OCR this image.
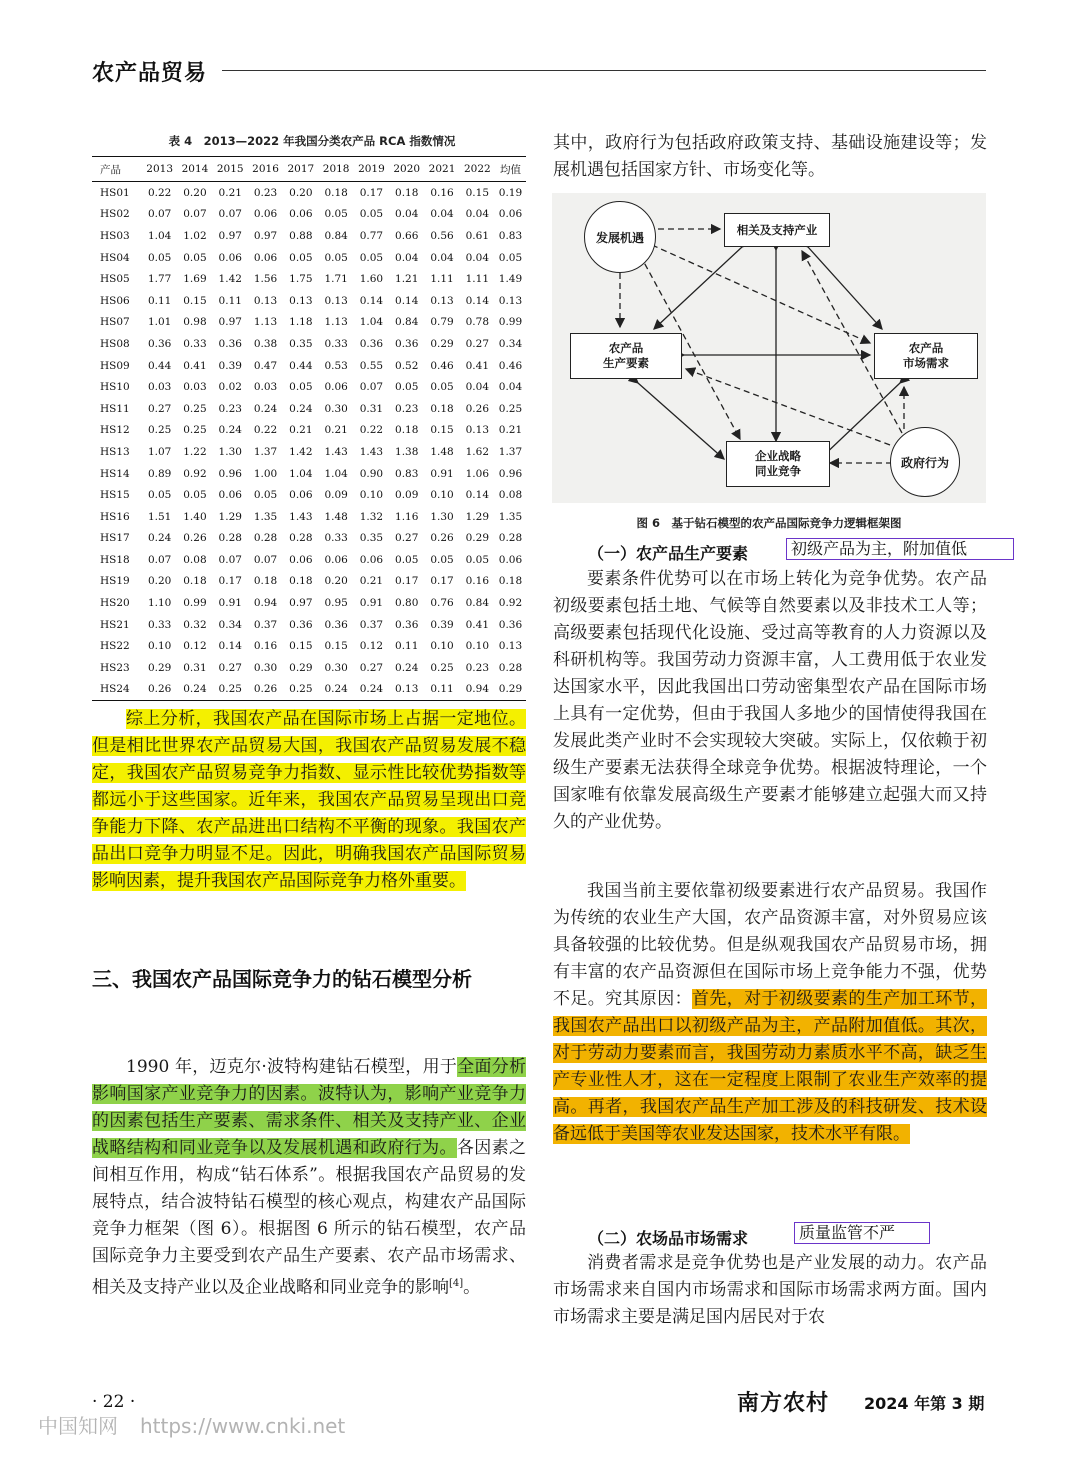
农产品贸易
表 4　2013—2022 年我国分类农产品 RCA 指数情况
产品	2013	2014	2015	2016	2017	2018	2019	2020	2021	2022	均值
HS01	0.22	0.20	0.21	0.23	0.20	0.18	0.17	0.18	0.16	0.15	0.19
HS02	0.07	0.07	0.07	0.06	0.06	0.05	0.05	0.04	0.04	0.04	0.06
HS03	1.04	1.02	0.97	0.97	0.88	0.84	0.77	0.66	0.56	0.61	0.83
HS04	0.05	0.05	0.06	0.06	0.05	0.05	0.05	0.04	0.04	0.04	0.05
HS05	1.77	1.69	1.42	1.56	1.75	1.71	1.60	1.21	1.11	1.11	1.49
HS06	0.11	0.15	0.11	0.13	0.13	0.13	0.14	0.14	0.13	0.14	0.13
HS07	1.01	0.98	0.97	1.13	1.18	1.13	1.04	0.84	0.79	0.78	0.99
HS08	0.36	0.33	0.36	0.38	0.35	0.33	0.36	0.36	0.29	0.27	0.34
HS09	0.44	0.41	0.39	0.47	0.44	0.53	0.55	0.52	0.46	0.41	0.46
HS10	0.03	0.03	0.02	0.03	0.05	0.06	0.07	0.05	0.05	0.04	0.04
HS11	0.27	0.25	0.23	0.24	0.24	0.30	0.31	0.23	0.18	0.26	0.25
HS12	0.25	0.25	0.24	0.22	0.21	0.21	0.22	0.18	0.15	0.13	0.21
HS13	1.07	1.22	1.30	1.37	1.42	1.43	1.43	1.38	1.48	1.62	1.37
HS14	0.89	0.92	0.96	1.00	1.04	1.04	0.90	0.83	0.91	1.06	0.96
HS15	0.05	0.05	0.06	0.05	0.06	0.09	0.10	0.09	0.10	0.14	0.08
HS16	1.51	1.40	1.29	1.35	1.43	1.48	1.32	1.16	1.30	1.29	1.35
HS17	0.24	0.26	0.28	0.28	0.28	0.33	0.35	0.27	0.26	0.29	0.28
HS18	0.07	0.08	0.07	0.07	0.06	0.06	0.06	0.05	0.05	0.05	0.06
HS19	0.20	0.18	0.17	0.18	0.18	0.20	0.21	0.17	0.17	0.16	0.18
HS20	1.10	0.99	0.91	0.94	0.97	0.95	0.91	0.80	0.76	0.84	0.92
HS21	0.33	0.32	0.34	0.37	0.36	0.36	0.37	0.36	0.39	0.41	0.36
HS22	0.10	0.12	0.14	0.16	0.15	0.15	0.12	0.11	0.10	0.10	0.13
HS23	0.29	0.31	0.27	0.30	0.29	0.30	0.27	0.24	0.25	0.23	0.28
HS24	0.26	0.24	0.25	0.26	0.25	0.24	0.24	0.13	0.11	0.94	0.29
综上分析，我国农产品在国际市场上占据一定地位。但是相比世界农产品贸易大国，我国农产品贸易发展不稳定，我国农产品贸易竞争力指数、显示性比较优势指数等都远小于这些国家。近年来，我国农产品贸易呈现出口竞争能力下降、农产品进出口结构不平衡的现象。我国农产品出口竞争力明显不足。因此，明确我国农产品国际贸易影响因素，提升我国农产品国际竞争力格外重要。
三、我国农产品国际竞争力的钻石模型分析
1990 年，迈克尔·波特构建钻石模型，用于全面分析影响国家产业竞争力的因素。波特认为，影响产业竞争力的因素包括生产要素、需求条件、相关及支持产业、企业战略结构和同业竞争以及发展机遇和政府行为。各因素之间相互作用，构成“钻石体系”。根据我国农产品贸易的发展特点，结合波特钻石模型的核心观点，构建农产品国际竞争力框架（图 6）。根据图 6 所示的钻石模型，农产品国际竞争力主要受到农产品生产要素、农产品市场需求、相关及支持产业以及企业战略和同业竞争的影响[4]。
其中，政府行为包括政府政策支持、基础设施建设等；发展机遇包括国家方针、市场变化等。
发展机遇
相关及支持产业
农产品
生产要素
农产品
市场需求
企业战略
同业竞争
政府行为
图 6　基于钻石模型的农产品国际竞争力逻辑框架图
（一）农产品生产要素	初级产品为主，附加值低
要素条件优势可以在市场上转化为竞争优势。农产品初级要素包括土地、气候等自然要素以及非技术工人等；高级要素包括现代化设施、受过高等教育的人力资源以及科研机构等。我国劳动力资源丰富，人工费用低于农业发达国家水平，因此我国出口劳动密集型农产品在国际市场上具有一定优势，但由于我国人多地少的国情使得我国在发展此类产业时不会实现较大突破。实际上，仅依赖于初级生产要素无法获得全球竞争优势。根据波特理论，一个国家唯有依靠发展高级生产要素才能够建立起强大而又持久的产业优势。
我国当前主要依靠初级要素进行农产品贸易。我国作为传统的农业生产大国，农产品资源丰富，对外贸易应该具备较强的比较优势。但是纵观我国农产品贸易市场，拥有丰富的农产品资源但在国际市场上竞争能力不强，优势不足。究其原因：首先，对于初级要素的生产加工环节，我国农产品出口以初级产品为主，产品附加值低。其次，对于劳动力要素而言，我国劳动力素质水平不高，缺乏生产专业性人才，这在一定程度上限制了农业生产效率的提高。再者，我国农产品生产加工涉及的科技研发、技术设备远低于美国等农业发达国家，技术水平有限。
（二）农场品市场需求	质量监管不严
消费者需求是竞争优势也是产业发展的动力。农产品市场需求来自国内市场需求和国际市场需求两方面。国内市场需求主要是满足国内居民对于农
· 22 ·	南方农村 2024 年第 3 期
中国知网 https://www.cnki.net
